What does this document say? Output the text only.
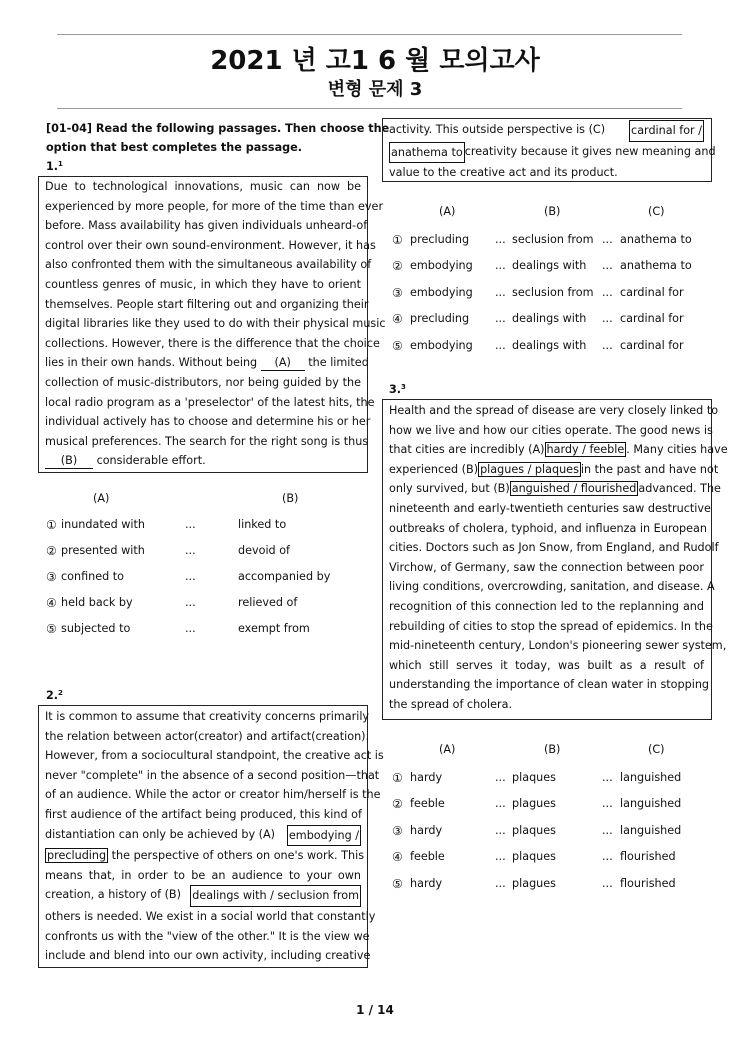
2021 년 고1 6 월 모의고사
변형 문제 3
[01-04] Read the following passages. Then choose the
option that best completes the passage.
1.$^1$
Due to technological innovations, music can now be
experienced by more people, for more of the time than ever
before. Mass availability has given individuals unheard-of
control over their own sound-environment. However, it has
also confronted them with the simultaneous availability of
countless genres of music, in which they have to orient
themselves. People start filtering out and organizing their
digital libraries like they used to do with their physical music
collections. However, there is the difference that the choice
lies in their own hands. Without being (A) the limited
collection of music-distributors, nor being guided by the
local radio program as a 'preselector' of the latest hits, the
individual actively has to choose and determine his or her
musical preferences. The search for the right song is thus
(B) considerable effort.
(A)	(B)
① inundated with	...	linked to
② presented with	...	devoid of
③ confined to	...	accompanied by
④ held back by	...	relieved of
⑤ subjected to	...	exempt from
2.$^2$
It is common to assume that creativity concerns primarily
the relation between actor(creator) and artifact(creation).
However, from a sociocultural standpoint, the creative act is
never "complete" in the absence of a second position—that
of an audience. While the actor or creator him/herself is the
first audience of the artifact being produced, this kind of
distantiation can only be achieved by (A) embodying /
precluding the perspective of others on one's work. This
means that, in order to be an audience to your own
creation, a history of (B) dealings with / seclusion from
others is needed. We exist in a social world that constantly
confronts us with the "view of the other." It is the view we
include and blend into our own activity, including creative
activity. This outside perspective is (C) cardinal for /
anathema to creativity because it gives new meaning and
value to the creative act and its product.
(A)	(B)	(C)
① precluding ... seclusion from ... anathema to
② embodying ... dealings with ... anathema to
③ embodying ... seclusion from ... cardinal for
④ precluding ... dealings with ... cardinal for
⑤ embodying ... dealings with ... cardinal for
3.$^3$
Health and the spread of disease are very closely linked to
how we live and how our cities operate. The good news is
that cities are incredibly (A) hardy / feeble . Many cities have
experienced (B) plagues / plaques in the past and have not
only survived, but (B) anguished / flourished advanced. The
nineteenth and early-twentieth centuries saw destructive
outbreaks of cholera, typhoid, and influenza in European
cities. Doctors such as Jon Snow, from England, and Rudolf
Virchow, of Germany, saw the connection between poor
living conditions, overcrowding, sanitation, and disease. A
recognition of this connection led to the replanning and
rebuilding of cities to stop the spread of epidemics. In the
mid-nineteenth century, London's pioneering sewer system,
which still serves it today, was built as a result of
understanding the importance of clean water in stopping
the spread of cholera.
(A)	(B)	(C)
① hardy	... plaques	... languished
② feeble	... plagues	... languished
③ hardy	... plaques	... languished
④ feeble	... plaques	... flourished
⑤ hardy	... plagues	... flourished
1 / 14
